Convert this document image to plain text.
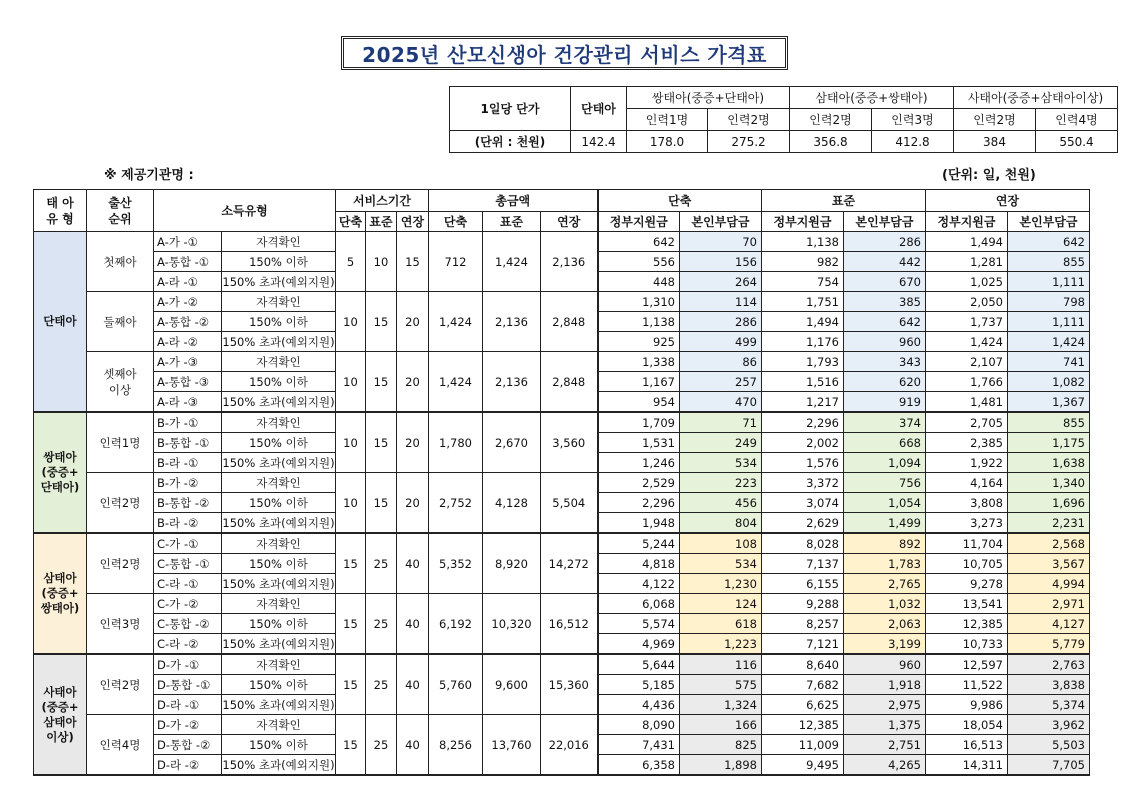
2025년 산모신생아 건강관리 서비스 가격표
1일당 단가	단태아	쌍태아(중증+단태아)		삼태아(중증+쌍태아)		사태아(중증+삼태아이상)	
		인력1명	인력2명	인력2명	인력3명	인력2명	인력4명
(단위 : 천원)	142.4	178.0	275.2	356.8	412.8	384	550.4
※ 제공기관명 :	(단위: 일, 천원)
태 아
유 형	출산
순위	소득유형		서비스기간			총금액			단축		표준		연장	
				단축	표준	연장	단축	표준	연장	정부지원금	본인부담금	정부지원금	본인부담금	정부지원금	본인부담금
단태아	첫째아	A-가 -①	자격확인	5	10	15	712	1,424	2,136	642	70	1,138	286	1,494	642
		A-통합 -①	150% 이하							556	156	982	442	1,281	855
		A-라 -①	150% 초과(예외지원)							448	264	754	670	1,025	1,111
	둘째아	A-가 -②	자격확인	10	15	20	1,424	2,136	2,848	1,310	114	1,751	385	2,050	798
		A-통합 -②	150% 이하							1,138	286	1,494	642	1,737	1,111
		A-라 -②	150% 초과(예외지원)							925	499	1,176	960	1,424	1,424
	셋째아
이상	A-가 -③	자격확인	10	15	20	1,424	2,136	2,848	1,338	86	1,793	343	2,107	741
		A-통합 -③	150% 이하							1,167	257	1,516	620	1,766	1,082
		A-라 -③	150% 초과(예외지원)							954	470	1,217	919	1,481	1,367
쌍태아
(중증+
단태아)	인력1명	B-가 -①	자격확인	10	15	20	1,780	2,670	3,560	1,709	71	2,296	374	2,705	855
		B-통합 -①	150% 이하							1,531	249	2,002	668	2,385	1,175
		B-라 -①	150% 초과(예외지원)							1,246	534	1,576	1,094	1,922	1,638
	인력2명	B-가 -②	자격확인	10	15	20	2,752	4,128	5,504	2,529	223	3,372	756	4,164	1,340
		B-통합 -②	150% 이하							2,296	456	3,074	1,054	3,808	1,696
		B-라 -②	150% 초과(예외지원)							1,948	804	2,629	1,499	3,273	2,231
삼태아
(중증+
쌍태아)	인력2명	C-가 -①	자격확인	15	25	40	5,352	8,920	14,272	5,244	108	8,028	892	11,704	2,568
		C-통합 -①	150% 이하							4,818	534	7,137	1,783	10,705	3,567
		C-라 -①	150% 초과(예외지원)							4,122	1,230	6,155	2,765	9,278	4,994
	인력3명	C-가 -②	자격확인	15	25	40	6,192	10,320	16,512	6,068	124	9,288	1,032	13,541	2,971
		C-통합 -②	150% 이하							5,574	618	8,257	2,063	12,385	4,127
		C-라 -②	150% 초과(예외지원)							4,969	1,223	7,121	3,199	10,733	5,779
사태아
(중증+
삼태아
이상)	인력2명	D-가 -①	자격확인	15	25	40	5,760	9,600	15,360	5,644	116	8,640	960	12,597	2,763
		D-통합 -①	150% 이하							5,185	575	7,682	1,918	11,522	3,838
		D-라 -①	150% 초과(예외지원)							4,436	1,324	6,625	2,975	9,986	5,374
	인력4명	D-가 -②	자격확인	15	25	40	8,256	13,760	22,016	8,090	166	12,385	1,375	18,054	3,962
		D-통합 -②	150% 이하							7,431	825	11,009	2,751	16,513	5,503
		D-라 -②	150% 초과(예외지원)							6,358	1,898	9,495	4,265	14,311	7,705
